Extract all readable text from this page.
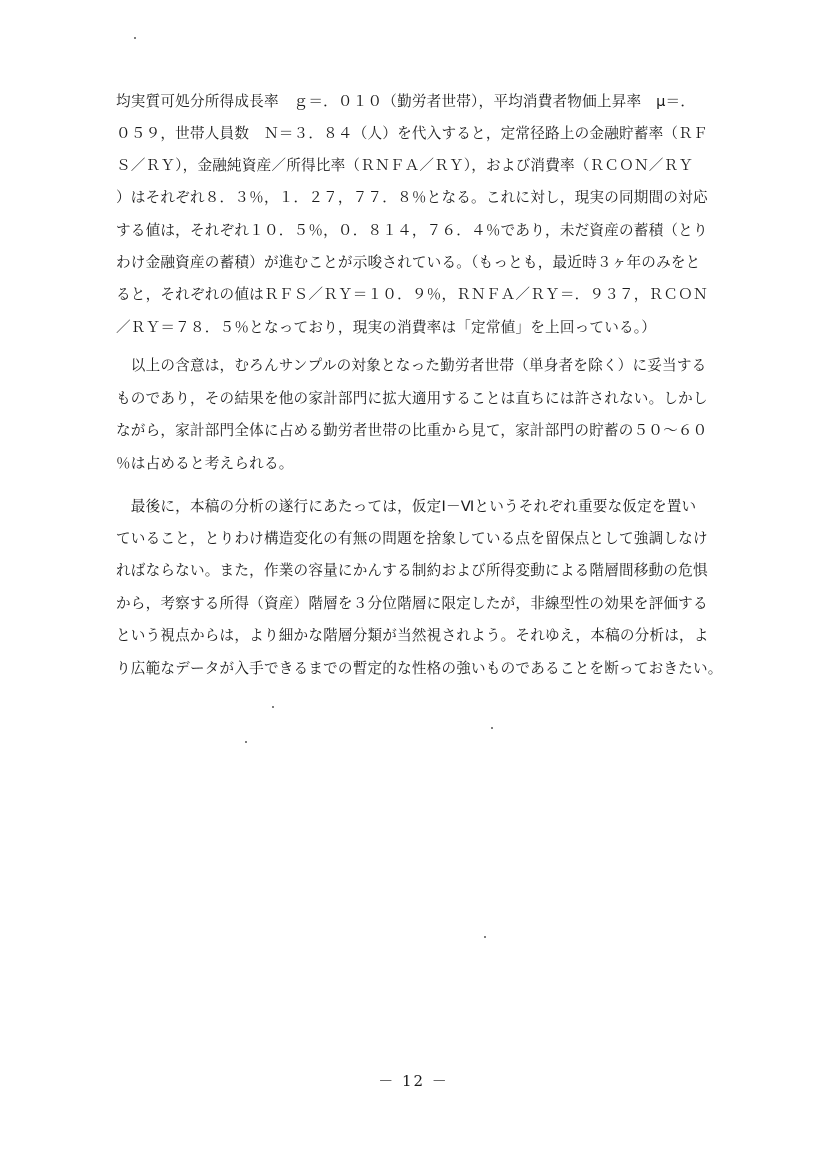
均実質可処分所得成長率　ｇ＝．０１０（勤労者世帯），平均消費者物価上昇率　μ＝．
０５９，世帯人員数　Ｎ＝３．８４（人）を代入すると，定常径路上の金融貯蓄率（ＲＦ
Ｓ／ＲＹ），金融純資産／所得比率（ＲＮＦＡ／ＲＹ），および消費率（ＲＣＯＮ／ＲＹ
）はそれぞれ８．３％，１．２７，７７．８％となる。これに対し，現実の同期間の対応
する値は，それぞれ１０．５％，０．８１４，７６．４％であり，未だ資産の蓄積（とり
わけ金融資産の蓄積）が進むことが示唆されている。（もっとも，最近時３ヶ年のみをと
ると，それぞれの値はＲＦＳ／ＲＹ＝１０．９％，ＲＮＦＡ／ＲＹ＝．９３７，ＲＣＯＮ
／ＲＹ＝７８．５％となっており，現実の消費率は「定常値」を上回っている。）
　以上の含意は，むろんサンプルの対象となった勤労者世帯（単身者を除く）に妥当する
ものであり，その結果を他の家計部門に拡大適用することは直ちには許されない。しかし
ながら，家計部門全体に占める勤労者世帯の比重から見て，家計部門の貯蓄の５０～６０
％は占めると考えられる。
　最後に，本稿の分析の遂行にあたっては，仮定Ⅰ－Ⅵというそれぞれ重要な仮定を置い
ていること，とりわけ構造変化の有無の問題を捨象している点を留保点として強調しなけ
ればならない。また，作業の容量にかんする制約および所得変動による階層間移動の危惧
から，考察する所得（資産）階層を３分位階層に限定したが，非線型性の効果を評価する
という視点からは，より細かな階層分類が当然視されよう。それゆえ，本稿の分析は，よ
り広範なデータが入手できるまでの暫定的な性格の強いものであることを断っておきたい。
－ 12 －
